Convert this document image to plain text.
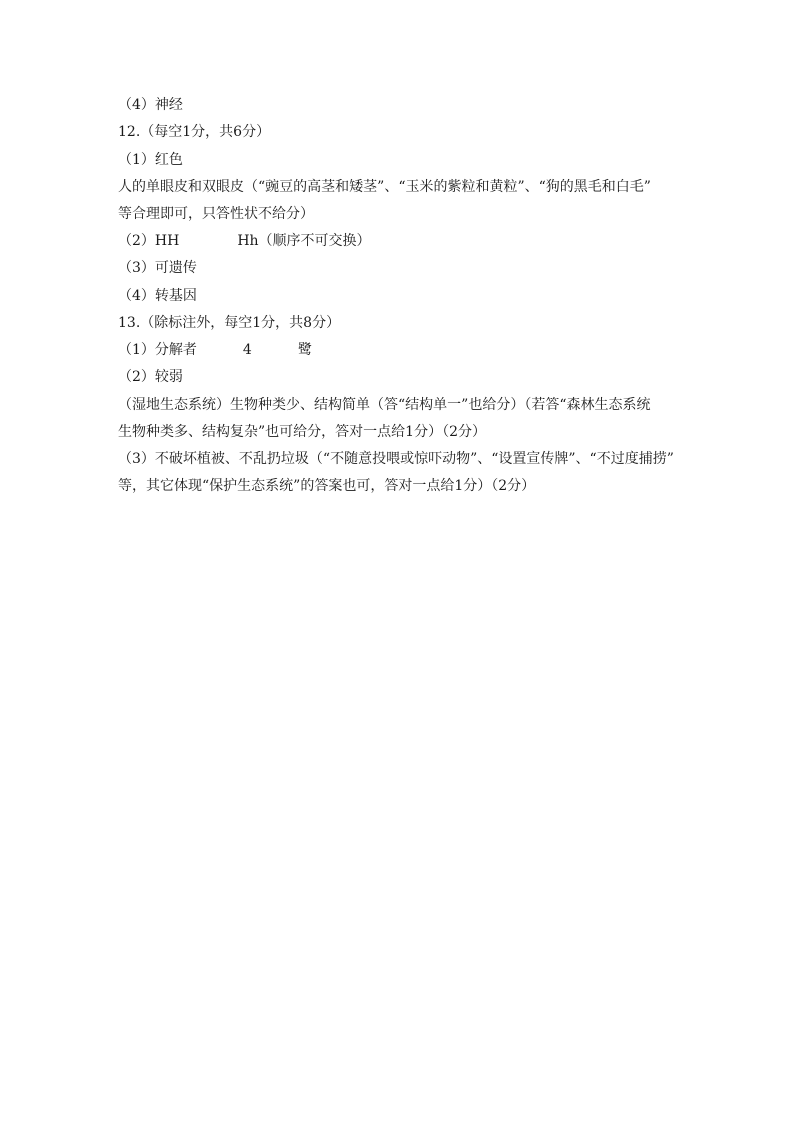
（4）神经
12.（每空1分，共6分）
（1）红色
人的单眼皮和双眼皮（“豌豆的高茎和矮茎”、“玉米的紫粒和黄粒”、“狗的黑毛和白毛”
等合理即可，只答性状不给分）
（2）HH	Hh（顺序不可交换）
（3）可遗传
（4）转基因
13.（除标注外，每空1分，共8分）
（1）分解者	4	鹭
（2）较弱
（湿地生态系统）生物种类少、结构简单（答“结构单一”也给分）（若答“森林生态系统
生物种类多、结构复杂”也可给分，答对一点给1分）（2分）
（3）不破坏植被、不乱扔垃圾（“不随意投喂或惊吓动物”、“设置宣传牌”、“不过度捕捞”
等，其它体现“保护生态系统”的答案也可，答对一点给1分）（2分）
